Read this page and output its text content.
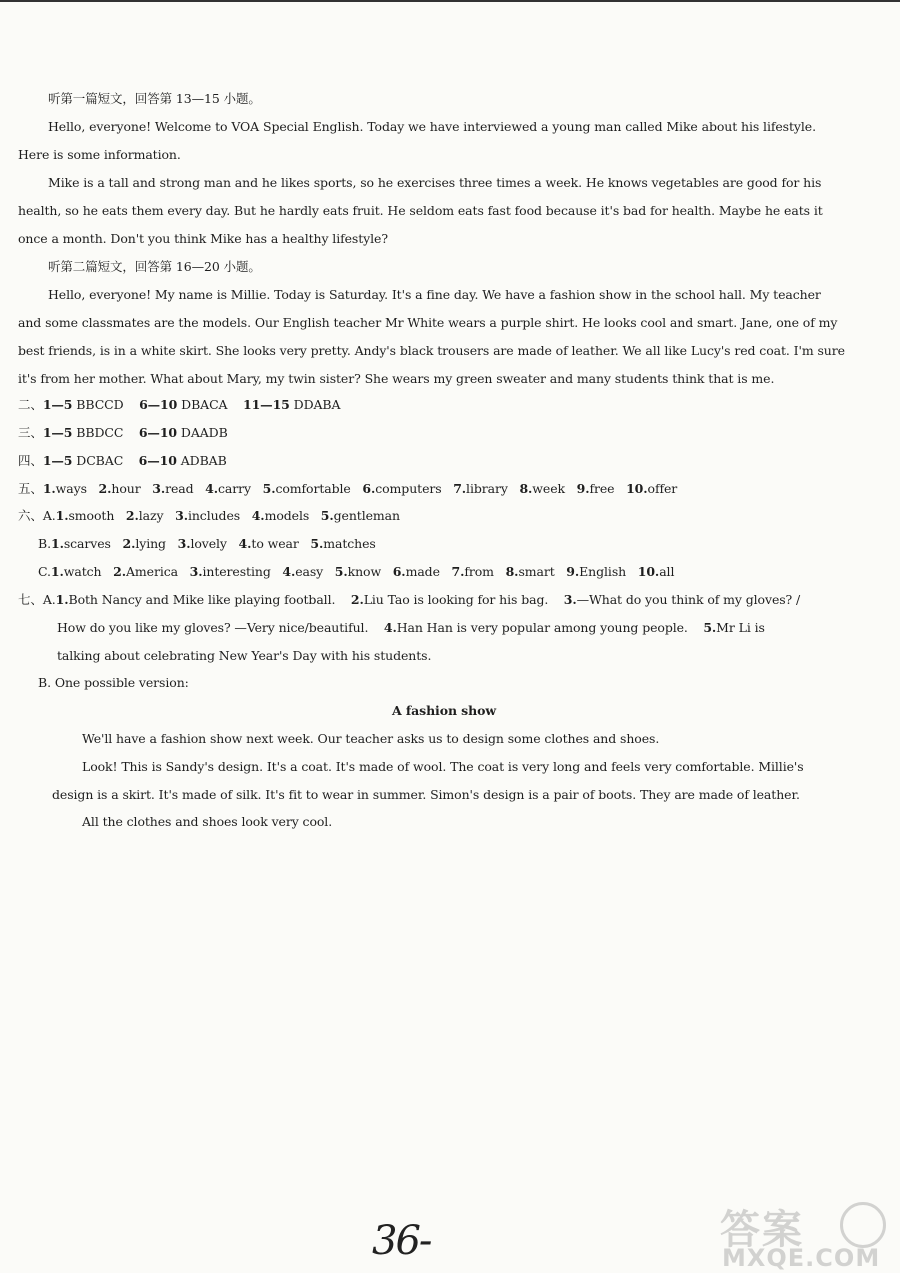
听第一篇短文，回答第 13—15 小题。
Hello, everyone! Welcome to VOA Special English. Today we have interviewed a young man called Mike about his lifestyle.
Here is some information.
Mike is a tall and strong man and he likes sports, so he exercises three times a week. He knows vegetables are good for his
health, so he eats them every day. But he hardly eats fruit. He seldom eats fast food because it's bad for health. Maybe he eats it
once a month. Don't you think Mike has a healthy lifestyle?
听第二篇短文，回答第 16—20 小题。
Hello, everyone! My name is Millie. Today is Saturday. It's a fine day. We have a fashion show in the school hall. My teacher
and some classmates are the models. Our English teacher Mr White wears a purple shirt. He looks cool and smart. Jane, one of my
best friends, is in a white skirt. She looks very pretty. Andy's black trousers are made of leather. We all like Lucy's red coat. I'm sure
it's from her mother. What about Mary, my twin sister? She wears my green sweater and many students think that is me.
二、1—5 BBCCD 6—10 DBACA 11—15 DDABA
三、1—5 BBDCC 6—10 DAADB
四、1—5 DCBAC 6—10 ADBAB
五、1.ways 2.hour 3.read 4.carry 5.comfortable 6.computers 7.library 8.week 9.free 10.offer
六、A.1.smooth 2.lazy 3.includes 4.models 5.gentleman
B.1.scarves 2.lying 3.lovely 4.to wear 5.matches
C.1.watch 2.America 3.interesting 4.easy 5.know 6.made 7.from 8.smart 9.English 10.all
七、A.1.Both Nancy and Mike like playing football. 2.Liu Tao is looking for his bag. 3.—What do you think of my gloves? /
How do you like my gloves? —Very nice/beautiful. 4.Han Han is very popular among young people. 5.Mr Li is
talking about celebrating New Year's Day with his students.
B. One possible version:
A fashion show
We'll have a fashion show next week. Our teacher asks us to design some clothes and shoes.
Look! This is Sandy's design. It's a coat. It's made of wool. The coat is very long and feels very comfortable. Millie's
design is a skirt. It's made of silk. It's fit to wear in summer. Simon's design is a pair of boots. They are made of leather.
All the clothes and shoes look very cool.
36-	答案
MXQE.COM
